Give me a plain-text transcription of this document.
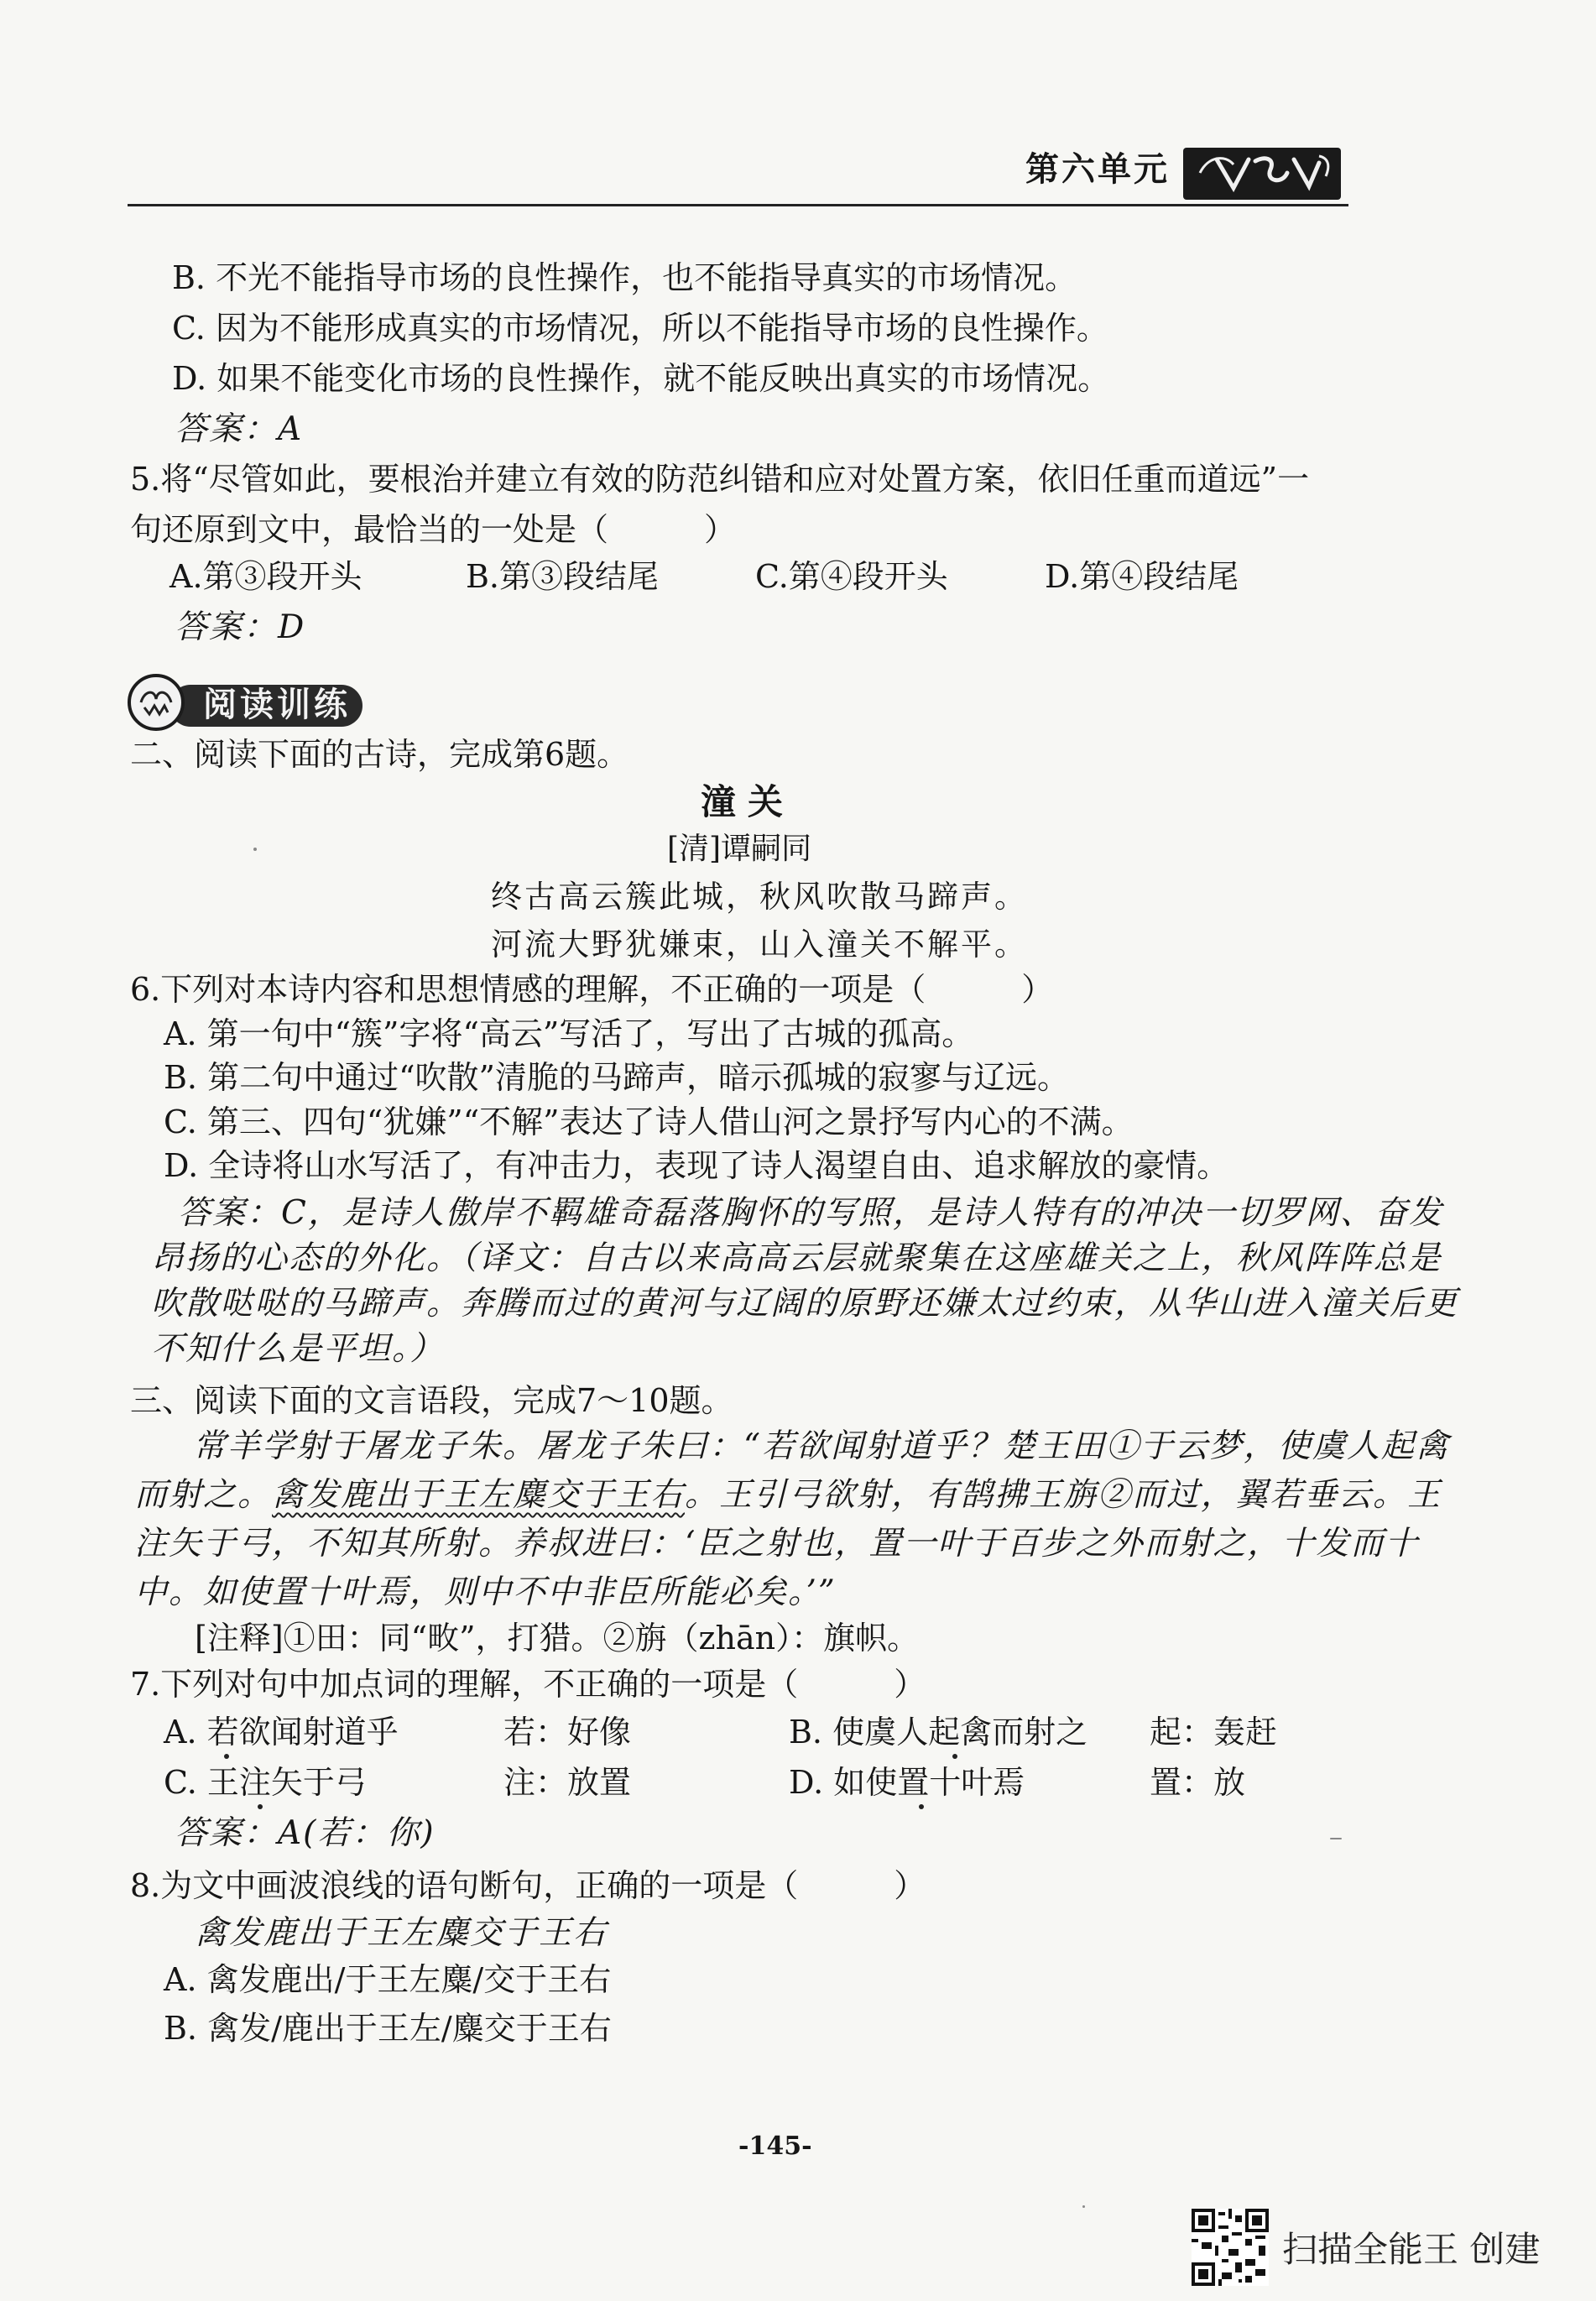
第六单元
B. 不光不能指导市场的良性操作，也不能指导真实的市场情况。
C. 因为不能形成真实的市场情况，所以不能指导市场的良性操作。
D. 如果不能变化市场的良性操作，就不能反映出真实的市场情况。
答案：A
5.将“尽管如此，要根治并建立有效的防范纠错和应对处置方案，依旧任重而道远”一
句还原到文中，最恰当的一处是（　　　）
A.第③段开头	B.第③段结尾	C.第④段开头	D.第④段结尾
答案：D
阅读训练
二、阅读下面的古诗，完成第6题。
潼关
[清]谭嗣同
终古高云簇此城，秋风吹散马蹄声。
河流大野犹嫌束，山入潼关不解平。
6.下列对本诗内容和思想情感的理解，不正确的一项是（　　　）
A. 第一句中“簇”字将“高云”写活了，写出了古城的孤高。
B. 第二句中通过“吹散”清脆的马蹄声，暗示孤城的寂寥与辽远。
C. 第三、四句“犹嫌”“不解”表达了诗人借山河之景抒写内心的不满。
D. 全诗将山水写活了，有冲击力，表现了诗人渴望自由、追求解放的豪情。
答案：C，是诗人傲岸不羁雄奇磊落胸怀的写照，是诗人特有的冲决一切罗网、奋发
昂扬的心态的外化。（译文：自古以来高高云层就聚集在这座雄关之上，秋风阵阵总是
吹散哒哒的马蹄声。奔腾而过的黄河与辽阔的原野还嫌太过约束，从华山进入潼关后更
不知什么是平坦。）
三、阅读下面的文言语段，完成7～10题。
常羊学射于屠龙子朱。屠龙子朱曰：“若欲闻射道乎？楚王田①于云梦，使虞人起禽
而射之。禽发鹿出于王左麋交于王右。王引弓欲射，有鹄拂王旃②而过，翼若垂云。王
注矢于弓，不知其所射。养叔进曰：‘臣之射也，置一叶于百步之外而射之，十发而十
中。如使置十叶焉，则中不中非臣所能必矣。’”
[注释]①田：同“畋”，打猎。②旃（zhān）：旗帜。
7.下列对句中加点词的理解，不正确的一项是（　　　）
A. 若欲闻射道乎	若：好像	B. 使虞人起禽而射之 起：轰赶
C. 王注矢于弓	注：放置	D. 如使置十叶焉	置：放
答案：A(若：你)
8.为文中画波浪线的语句断句，正确的一项是（　　　）
禽发鹿出于王左麋交于王右
A. 禽发鹿出/于王左麋/交于王右
B. 禽发/鹿出于王左/麋交于王右
-145-
扫描全能王 创建
